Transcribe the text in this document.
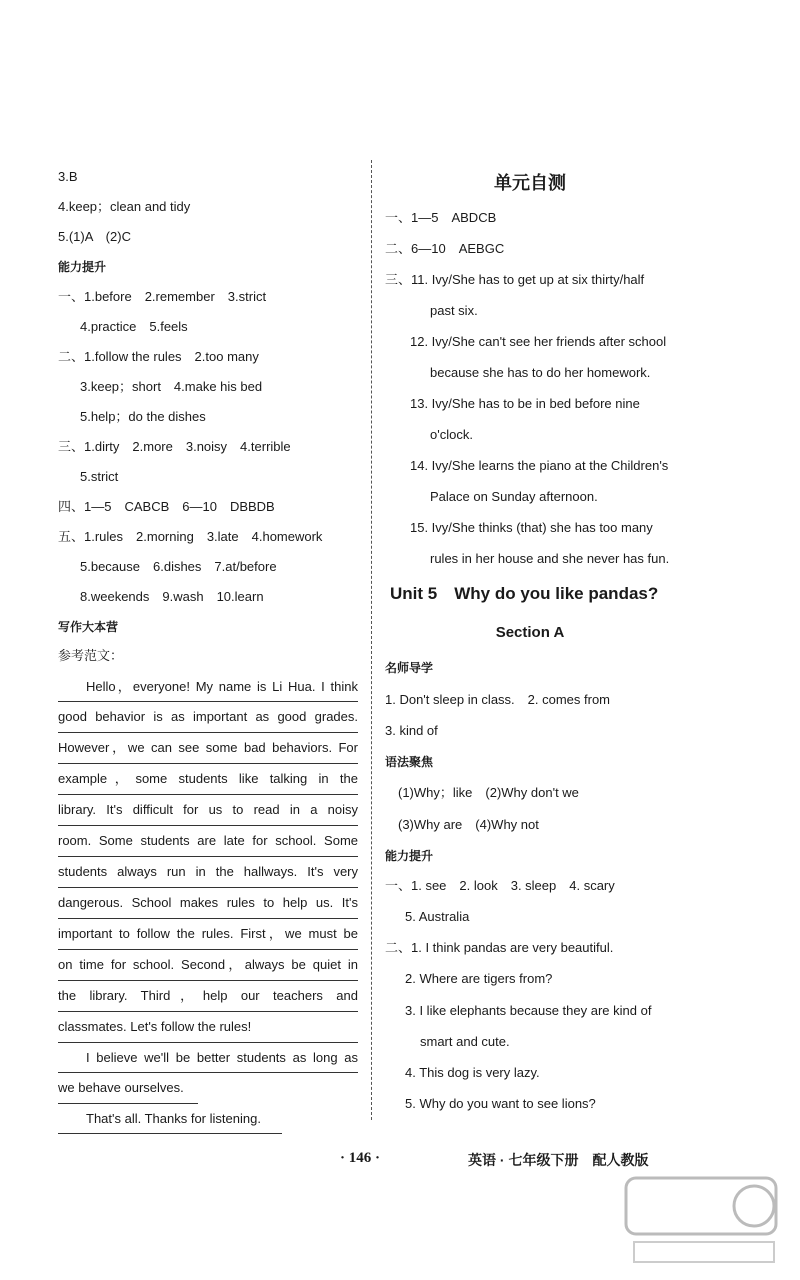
3.B
4.keep；clean and tidy
5.(1)A　(2)C
能力提升
一、1.before　2.remember　3.strict
4.practice　5.feels
二、1.follow the rules　2.too many
3.keep；short　4.make his bed
5.help；do the dishes
三、1.dirty　2.more　3.noisy　4.terrible
5.strict
四、1—5　CABCB　6—10　DBBDB
五、1.rules　2.morning　3.late　4.homework
5.because　6.dishes　7.at/before
8.weekends　9.wash　10.learn
写作大本营
参考范文：
Hello，everyone! My name is Li Hua. I think
good behavior is as important as good grades.
However，we can see some bad behaviors. For
example，some students like talking in the
library. It's difficult for us to read in a noisy
room. Some students are late for school. Some
students always run in the hallways. It's very
dangerous. School makes rules to help us. It's
important to follow the rules. First，we must be
on time for school. Second，always be quiet in
the library. Third，help our teachers and
classmates. Let's follow the rules!
I believe we'll be better students as long as
we behave ourselves.
That's all. Thanks for listening.
单元自测
一、1—5　ABDCB
二、6—10　AEBGC
三、11. Ivy/She has to get up at six thirty/half
past six.
12. Ivy/She can't see her friends after school
because she has to do her homework.
13. Ivy/She has to be in bed before nine
o'clock.
14. Ivy/She learns the piano at the Children's
Palace on Sunday afternoon.
15. Ivy/She thinks (that) she has too many
rules in her house and she never has fun.
Unit 5　Why do you like pandas?
Section A
名师导学
1. Don't sleep in class.　2. comes from
3. kind of
语法聚焦
(1)Why；like　(2)Why don't we
(3)Why are　(4)Why not
能力提升
一、1. see　2. look　3. sleep　4. scary
5. Australia
二、1. I think pandas are very beautiful.
2. Where are tigers from?
3. I like elephants because they are kind of
smart and cute.
4. This dog is very lazy.
5. Why do you want to see lions?
· 146 ·	英语 · 七年级下册　配人教版
⁠
